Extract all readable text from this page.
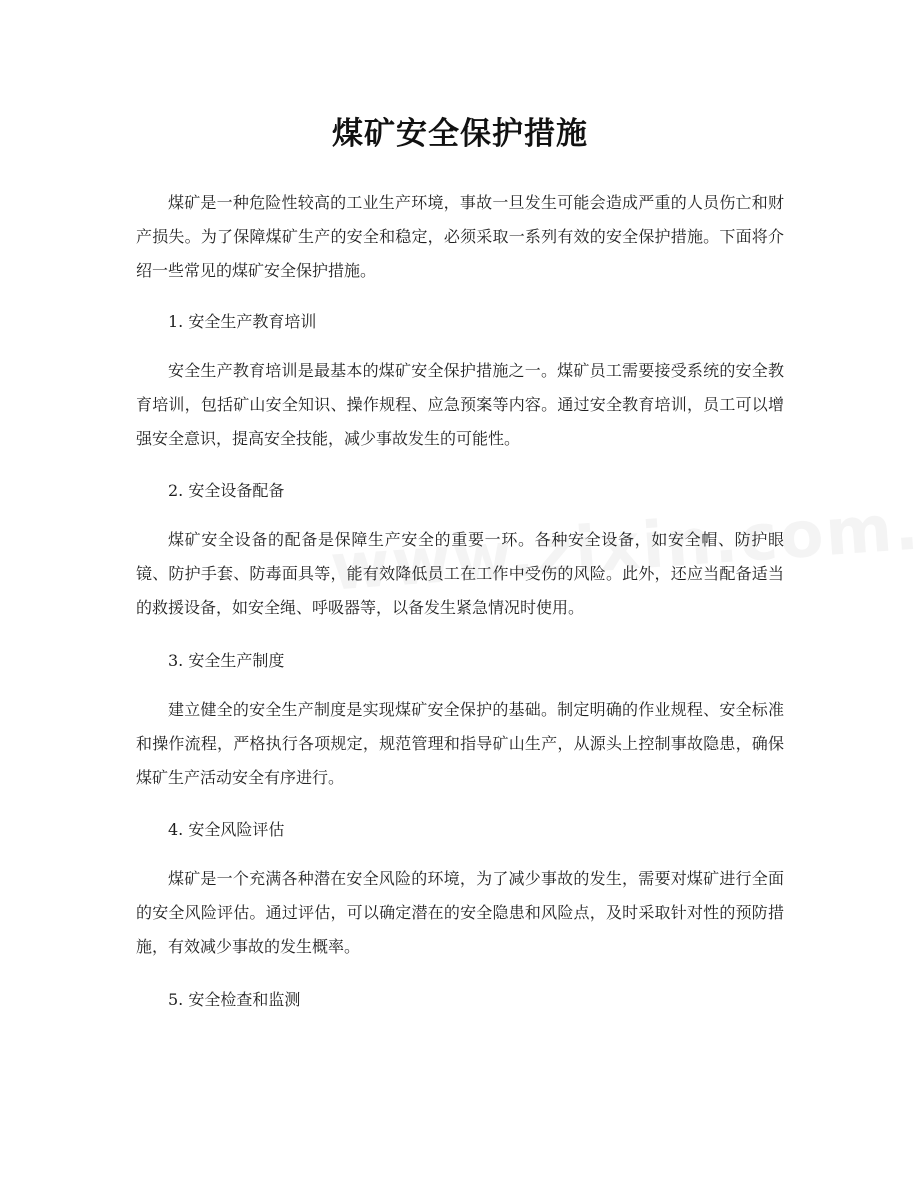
煤矿安全保护措施

煤矿是一种危险性较高的工业生产环境，事故一旦发生可能会造成严重的人员伤亡和财产损失。为了保障煤矿生产的安全和稳定，必须采取一系列有效的安全保护措施。下面将介绍一些常见的煤矿安全保护措施。

1. 安全生产教育培训

安全生产教育培训是最基本的煤矿安全保护措施之一。煤矿员工需要接受系统的安全教育培训，包括矿山安全知识、操作规程、应急预案等内容。通过安全教育培训，员工可以增强安全意识，提高安全技能，减少事故发生的可能性。

2. 安全设备配备

煤矿安全设备的配备是保障生产安全的重要一环。各种安全设备，如安全帽、防护眼镜、防护手套、防毒面具等，能有效降低员工在工作中受伤的风险。此外，还应当配备适当的救援设备，如安全绳、呼吸器等，以备发生紧急情况时使用。

3. 安全生产制度

建立健全的安全生产制度是实现煤矿安全保护的基础。制定明确的作业规程、安全标准和操作流程，严格执行各项规定，规范管理和指导矿山生产，从源头上控制事故隐患，确保煤矿生产活动安全有序进行。

4. 安全风险评估

煤矿是一个充满各种潜在安全风险的环境，为了减少事故的发生，需要对煤矿进行全面的安全风险评估。通过评估，可以确定潜在的安全隐患和风险点，及时采取针对性的预防措施，有效减少事故的发生概率。

5. 安全检查和监测
